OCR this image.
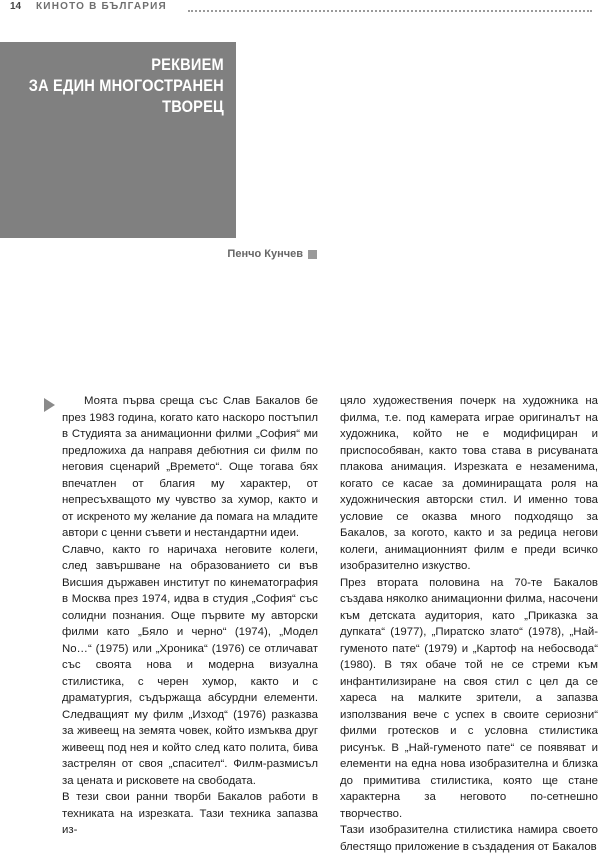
14 КИНОТО В БЪЛГАРИЯ
РЕКВИЕМ
ЗА ЕДИН МНОГОСТРАНЕН
ТВОРЕЦ
Пенчо Кунчев

Моята първа среща със Слав Бакалов бе през 1983 година, когато като наскоро постъпил в Студията за анимационни филми „София“ ми предложиха да направя дебютния си филм по неговия сценарий „Времето“. Още тогава бях впечатлен от благия му характер, от непресъхващото му чувство за хумор, както и от искреното му желание да помага на младите автори с ценни съвети и нестандартни идеи.

Славчо, както го наричаха неговите колеги, след завършване на образованието си във Висшия държавен институт по кинематография в Москва през 1974, идва в студия „София“ със солидни познания. Още първите му авторски филми като „Бяло и черно“ (1974), „Модел No…“ (1975) или „Хроника“ (1976) се отличават със своята нова и модерна визуална стилистика, с черен хумор, както и с драматургия, съдържаща абсурдни елементи. Следващият му филм „Изход“ (1976) разказва за живеещ на земята човек, който измъква друг живеещ под нея и който след като полита, бива застрелян от своя „спасител“. Филм-размисъл за цената и рисковете на свободата.

В тези свои ранни творби Бакалов работи в техниката на изрезката. Тази техника запазва из-

цяло художествения почерк на художника на филма, т.е. под камерата играе оригиналът на художника, който не е модифициран и приспособяван, както това става в рисуваната плакова анимация. Изрезката е незаменима, когато се касае за доминиращата роля на художническия авторски стил. И именно това условие се оказва много подходящо за Бакалов, за когото, както и за редица негови колеги, анимационният филм е преди всичко изобразително изкуство.

През втората половина на 70-те Бакалов създава няколко анимационни филма, насочени към детската аудитория, като „Приказка за дупката“ (1977), „Пиратско злато“ (1978), „Най-гуменото пате“ (1979) и „Картоф на небосвода“ (1980). В тях обаче той не се стреми към инфантилизиране на своя стил с цел да се хареса на малките зрители, а запазва използвания вече с успех в своите сериозни“ филми гротесков и с условна стилистика рисунък. В „Най-гуменото пате“ се появяват и елементи на една нова изобразителна и близка до примитива стилистика, която ще стане характерна за неговото по-сетнешно творчество.

Тази изобразителна стилистика намира своето блестящо приложение в създадения от Бакалов
